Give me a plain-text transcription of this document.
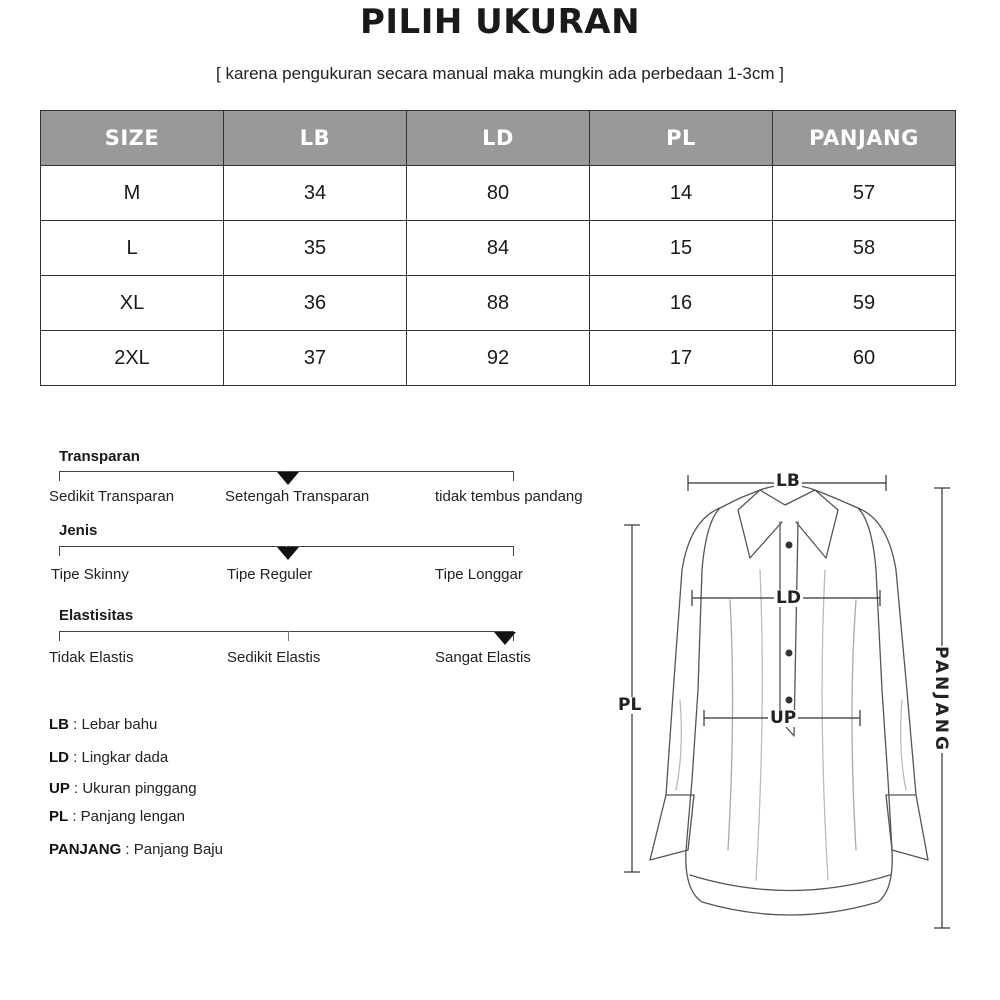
PILIH UKURAN
[ karena pengukuran secara manual maka mungkin ada perbedaan 1-3cm ]
SIZE	LB	LD	PL	PANJANG
M	34	80	14	57
L	35	84	15	58
XL	36	88	16	59
2XL	37	92	17	60
Transparan
Sedikit Transparan	Setengah Transparan	tidak tembus pandang
Jenis
Tipe Skinny	Tipe Reguler	Tipe Longgar
Elastisitas
Tidak Elastis	Sedikit Elastis	Sangat Elastis
LB : Lebar bahu
LD : Lingkar dada
UP : Ukuran pinggang
PL : Panjang lengan
PANJANG : Panjang Baju
LB
LD
UP
PL	PANJANG
